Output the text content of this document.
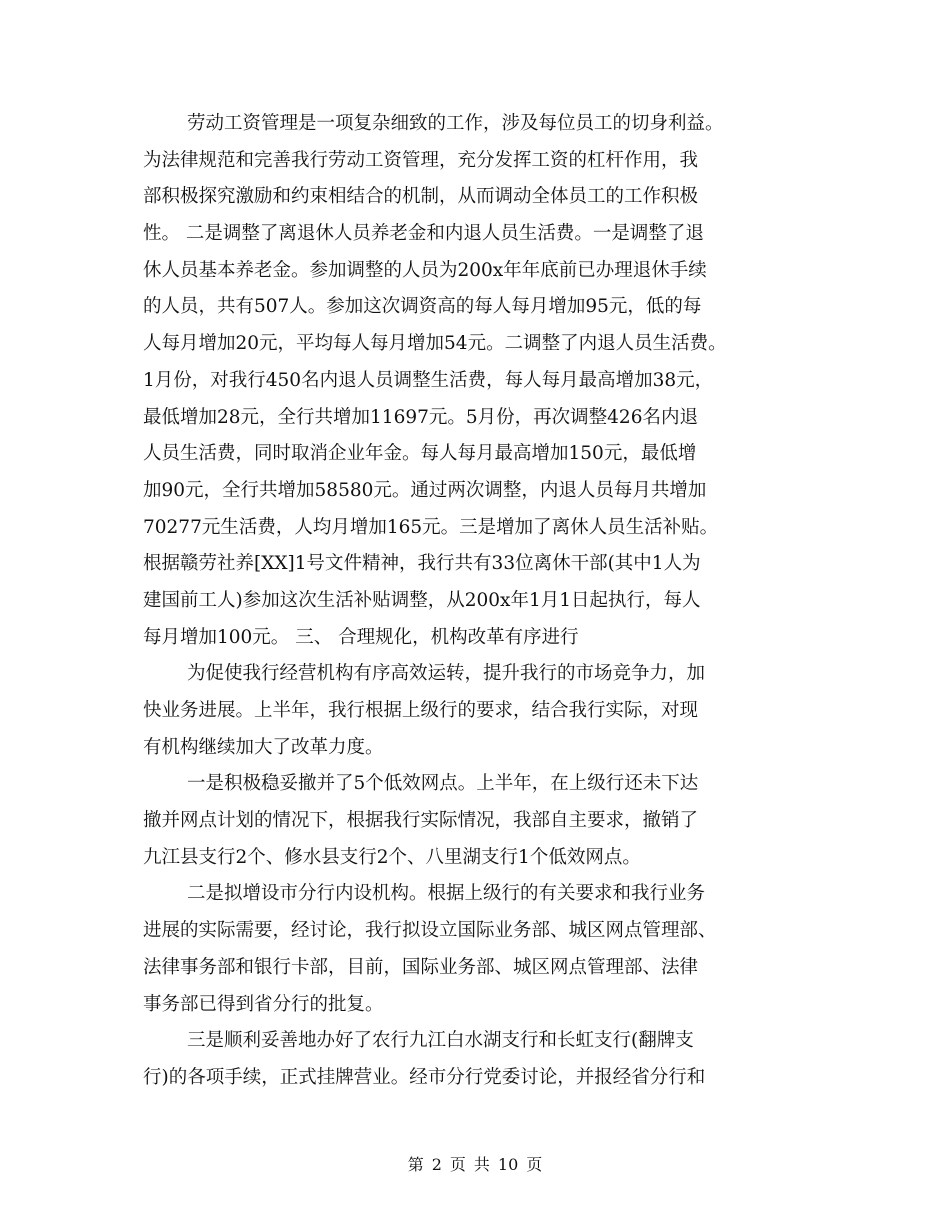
劳动工资管理是一项复杂细致的工作，涉及每位员工的切身利益。
为法律规范和完善我行劳动工资管理，充分发挥工资的杠杆作用，我
部积极探究激励和约束相结合的机制，从而调动全体员工的工作积极
性。 二是调整了离退休人员养老金和内退人员生活费。一是调整了退
休人员基本养老金。参加调整的人员为200x年年底前已办理退休手续
的人员，共有507人。参加这次调资高的每人每月增加95元，低的每
人每月增加20元，平均每人每月增加54元。二调整了内退人员生活费。
1月份，对我行450名内退人员调整生活费，每人每月最高增加38元，
最低增加28元，全行共增加11697元。5月份，再次调整426名内退
人员生活费，同时取消企业年金。每人每月最高增加150元，最低增
加90元，全行共增加58580元。通过两次调整，内退人员每月共增加
70277元生活费，人均月增加165元。三是增加了离休人员生活补贴。
根据赣劳社养[XX]1号文件精神，我行共有33位离休干部(其中1人为
建国前工人)参加这次生活补贴调整，从200x年1月1日起执行，每人
每月增加100元。 三、 合理规化，机构改革有序进行
为促使我行经营机构有序高效运转，提升我行的市场竞争力，加
快业务进展。上半年，我行根据上级行的要求，结合我行实际，对现
有机构继续加大了改革力度。
一是积极稳妥撤并了5个低效网点。上半年，在上级行还未下达
撤并网点计划的情况下，根据我行实际情况，我部自主要求，撤销了
九江县支行2个、修水县支行2个、八里湖支行1个低效网点。
二是拟增设市分行内设机构。根据上级行的有关要求和我行业务
进展的实际需要，经讨论，我行拟设立国际业务部、城区网点管理部、
法律事务部和银行卡部，目前，国际业务部、城区网点管理部、法律
事务部已得到省分行的批复。
三是顺利妥善地办好了农行九江白水湖支行和长虹支行(翻牌支
行)的各项手续，正式挂牌营业。经市分行党委讨论，并报经省分行和
第 2 页 共 10 页
